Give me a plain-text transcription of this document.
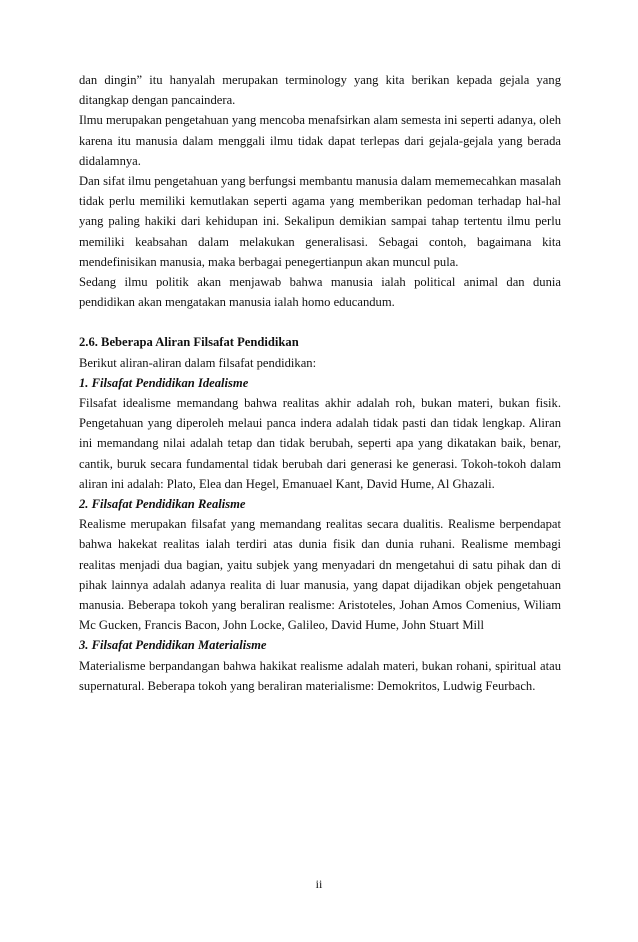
dan dingin” itu hanyalah merupakan terminology yang kita berikan kepada gejala yang ditangkap dengan pancaindera.

Ilmu merupakan pengetahuan yang mencoba menafsirkan alam semesta ini seperti adanya, oleh karena itu manusia dalam menggali ilmu tidak dapat terlepas dari gejala-gejala yang berada didalamnya.

Dan sifat ilmu pengetahuan yang berfungsi membantu manusia dalam mememecahkan masalah tidak perlu memiliki kemutlakan seperti agama yang memberikan pedoman terhadap hal-hal yang paling hakiki dari kehidupan ini. Sekalipun demikian sampai tahap tertentu ilmu perlu memiliki keabsahan dalam melakukan generalisasi. Sebagai contoh, bagaimana kita mendefinisikan manusia, maka berbagai penegertianpun akan muncul pula.

Sedang ilmu politik akan menjawab bahwa manusia ialah political animal dan dunia pendidikan akan mengatakan manusia ialah homo educandum.

2.6. Beberapa Aliran Filsafat Pendidikan

Berikut aliran-aliran dalam filsafat pendidikan:

1. Filsafat Pendidikan Idealisme

Filsafat idealisme memandang bahwa realitas akhir adalah roh, bukan materi, bukan fisik. Pengetahuan yang diperoleh melaui panca indera adalah tidak pasti dan tidak lengkap. Aliran ini memandang nilai adalah tetap dan tidak berubah, seperti apa yang dikatakan baik, benar, cantik, buruk secara fundamental tidak berubah dari generasi ke generasi. Tokoh-tokoh dalam aliran ini adalah: Plato, Elea dan Hegel, Emanuael Kant, David Hume, Al Ghazali.

2. Filsafat Pendidikan Realisme

Realisme merupakan filsafat yang memandang realitas secara dualitis. Realisme berpendapat bahwa hakekat realitas ialah terdiri atas dunia fisik dan dunia ruhani. Realisme membagi realitas menjadi dua bagian, yaitu subjek yang menyadari dn mengetahui di satu pihak dan di pihak lainnya adalah adanya realita di luar manusia, yang dapat dijadikan objek pengetahuan manusia. Beberapa tokoh yang beraliran realisme: Aristoteles, Johan Amos Comenius, Wiliam Mc Gucken, Francis Bacon, John Locke, Galileo, David Hume, John Stuart Mill

3. Filsafat Pendidikan Materialisme

Materialisme berpandangan bahwa hakikat realisme adalah materi, bukan rohani, spiritual atau supernatural. Beberapa tokoh yang beraliran materialisme: Demokritos, Ludwig Feurbach.

ii
